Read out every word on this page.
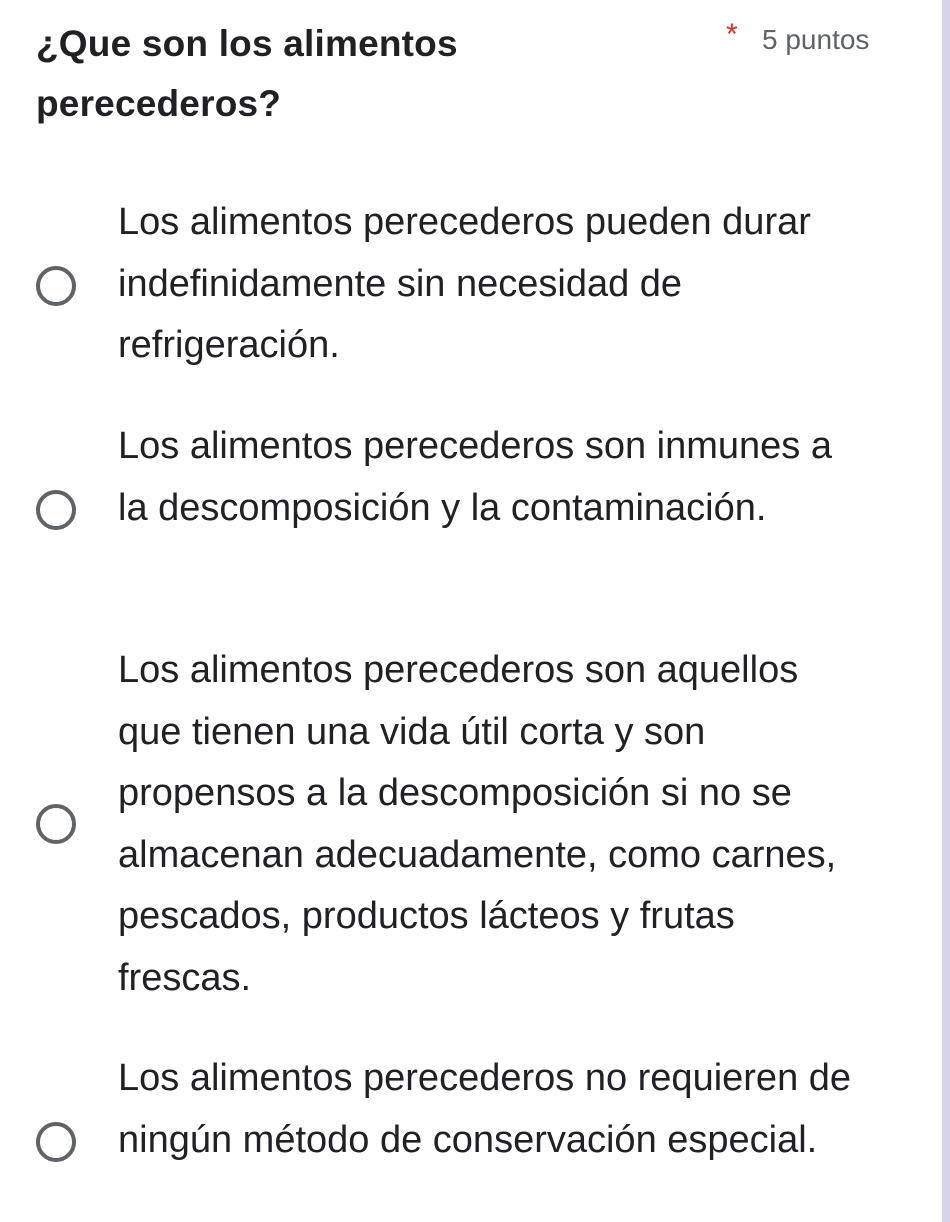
¿Que son los alimentos perecederos?
* 5 puntos
Los alimentos perecederos pueden durar indefinidamente sin necesidad de refrigeración.
Los alimentos perecederos son inmunes a la descomposición y la contaminación.
Los alimentos perecederos son aquellos que tienen una vida útil corta y son propensos a la descomposición si no se almacenan adecuadamente, como carnes, pescados, productos lácteos y frutas frescas.
Los alimentos perecederos no requieren de ningún método de conservación especial.
